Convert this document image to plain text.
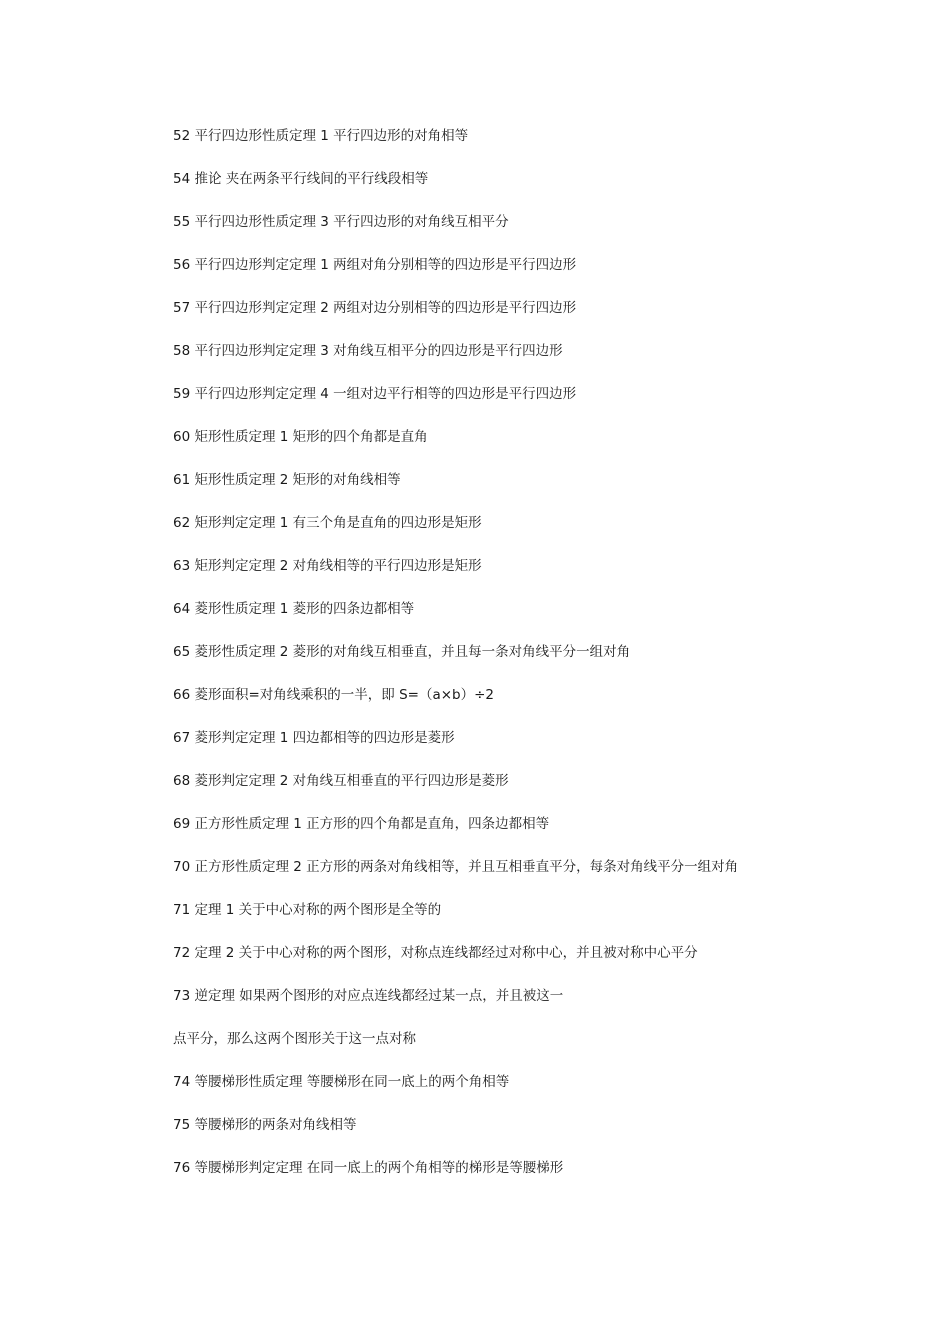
52 平行四边形性质定理 1 平行四边形的对角相等
54 推论 夹在两条平行线间的平行线段相等
55 平行四边形性质定理 3 平行四边形的对角线互相平分
56 平行四边形判定定理 1 两组对角分别相等的四边形是平行四边形
57 平行四边形判定定理 2 两组对边分别相等的四边形是平行四边形
58 平行四边形判定定理 3 对角线互相平分的四边形是平行四边形
59 平行四边形判定定理 4 一组对边平行相等的四边形是平行四边形
60 矩形性质定理 1 矩形的四个角都是直角
61 矩形性质定理 2 矩形的对角线相等
62 矩形判定定理 1 有三个角是直角的四边形是矩形
63 矩形判定定理 2 对角线相等的平行四边形是矩形
64 菱形性质定理 1 菱形的四条边都相等
65 菱形性质定理 2 菱形的对角线互相垂直，并且每一条对角线平分一组对角
66 菱形面积=对角线乘积的一半，即 S=（a×b）÷2
67 菱形判定定理 1 四边都相等的四边形是菱形
68 菱形判定定理 2 对角线互相垂直的平行四边形是菱形
69 正方形性质定理 1 正方形的四个角都是直角，四条边都相等
70 正方形性质定理 2 正方形的两条对角线相等，并且互相垂直平分，每条对角线平分一组对角
71 定理 1 关于中心对称的两个图形是全等的
72 定理 2 关于中心对称的两个图形，对称点连线都经过对称中心，并且被对称中心平分
73 逆定理 如果两个图形的对应点连线都经过某一点，并且被这一
点平分，那么这两个图形关于这一点对称
74 等腰梯形性质定理 等腰梯形在同一底上的两个角相等
75 等腰梯形的两条对角线相等
76 等腰梯形判定定理 在同一底上的两个角相等的梯形是等腰梯形
